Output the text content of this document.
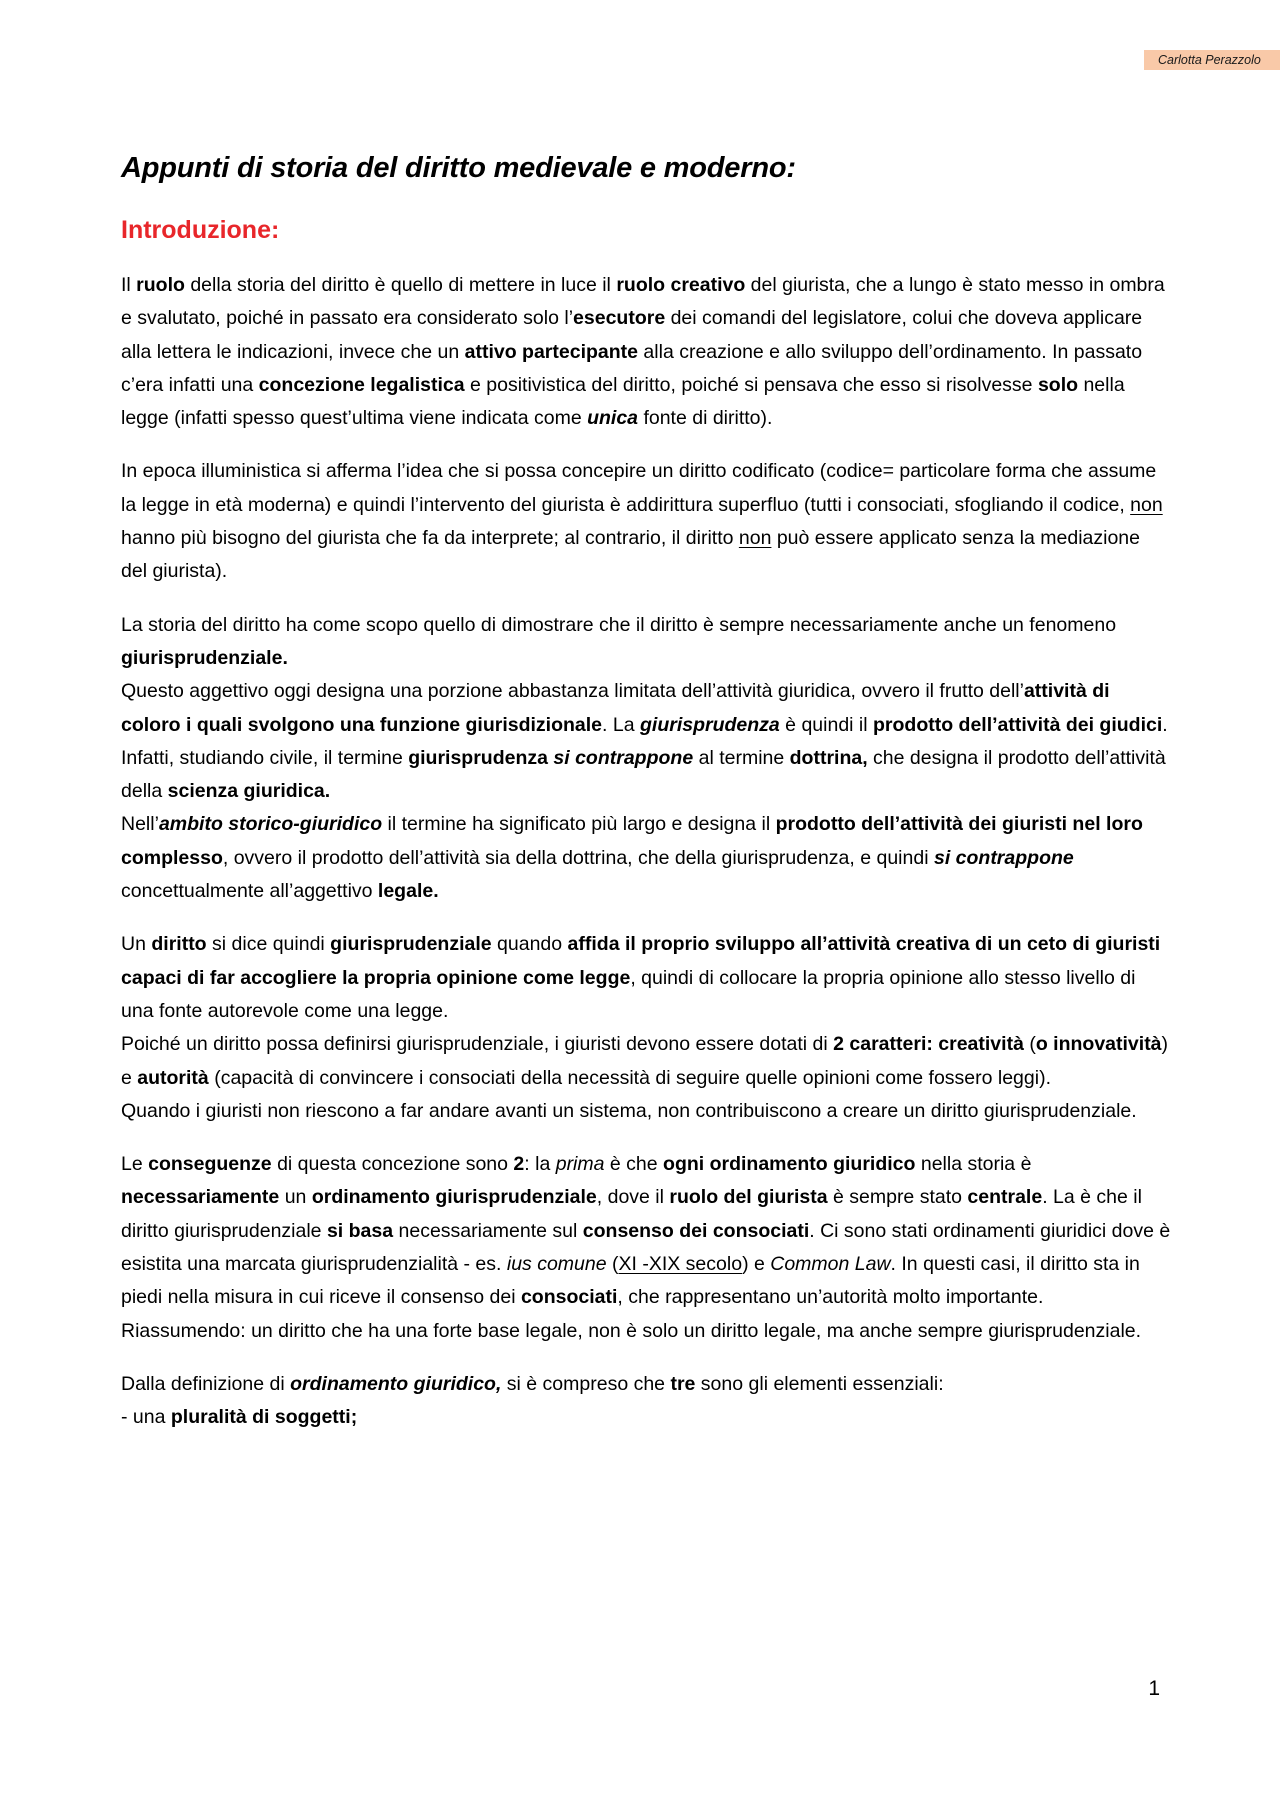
Carlotta Perazzolo
Appunti di storia del diritto medievale e moderno:
Introduzione:

Il ruolo della storia del diritto è quello di mettere in luce il ruolo creativo del giurista, che a lungo è stato messo in ombra e svalutato, poiché in passato era considerato solo l’esecutore dei comandi del legislatore, colui che doveva applicare alla lettera le indicazioni, invece che un attivo partecipante alla creazione e allo sviluppo dell’ordinamento. In passato c’era infatti una concezione legalistica e positivistica del diritto, poiché si pensava che esso si risolvesse solo nella legge (infatti spesso quest’ultima viene indicata come unica fonte di diritto).

In epoca illuministica si afferma l’idea che si possa concepire un diritto codificato (codice= particolare forma che assume la legge in età moderna) e quindi l’intervento del giurista è addirittura superfluo (tutti i consociati, sfogliando il codice, non hanno più bisogno del giurista che fa da interprete; al contrario, il diritto non può essere applicato senza la mediazione del giurista).

La storia del diritto ha come scopo quello di dimostrare che il diritto è sempre necessariamente anche un fenomeno giurisprudenziale.
Questo aggettivo oggi designa una porzione abbastanza limitata dell’attività giuridica, ovvero il frutto dell’attività di coloro i quali svolgono una funzione giurisdizionale. La giurisprudenza è quindi il prodotto dell’attività dei giudici. Infatti, studiando civile, il termine giurisprudenza si contrappone al termine dottrina, che designa il prodotto dell’attività della scienza giuridica.
Nell’ambito storico-giuridico il termine ha significato più largo e designa il prodotto dell’attività dei giuristi nel loro complesso, ovvero il prodotto dell’attività sia della dottrina, che della giurisprudenza, e quindi si contrappone concettualmente all’aggettivo legale.

Un diritto si dice quindi giurisprudenziale quando affida il proprio sviluppo all’attività creativa di un ceto di giuristi capaci di far accogliere la propria opinione come legge, quindi di collocare la propria opinione allo stesso livello di una fonte autorevole come una legge.
Poiché un diritto possa definirsi giurisprudenziale, i giuristi devono essere dotati di 2 caratteri: creatività (o innovatività) e autorità (capacità di convincere i consociati della necessità di seguire quelle opinioni come fossero leggi).
Quando i giuristi non riescono a far andare avanti un sistema, non contribuiscono a creare un diritto giurisprudenziale.

Le conseguenze di questa concezione sono 2: la prima è che ogni ordinamento giuridico nella storia è necessariamente un ordinamento giurisprudenziale, dove il ruolo del giurista è sempre stato centrale. La è che il diritto giurisprudenziale si basa necessariamente sul consenso dei consociati. Ci sono stati ordinamenti giuridici dove è esistita una marcata giurisprudenzialità - es. ius comune (XI -XIX secolo) e Common Law. In questi casi, il diritto sta in piedi nella misura in cui riceve il consenso dei consociati, che rappresentano un’autorità molto importante.
Riassumendo: un diritto che ha una forte base legale, non è solo un diritto legale, ma anche sempre giurisprudenziale.

Dalla definizione di ordinamento giuridico, si è compreso che tre sono gli elementi essenziali:
- una pluralità di soggetti;

1
